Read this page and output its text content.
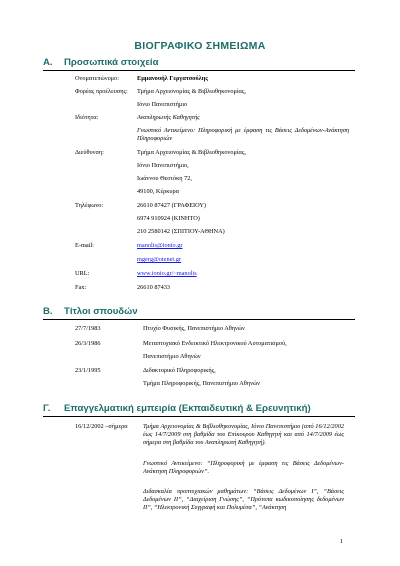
ΒΙΟΓΡΑΦΙΚΟ ΣΗΜΕΙΩΜΑ
A. Προσωπικά στοιχεία
Ονοματεπώνυμο:	Εμμανουήλ Γεργατσούλης
Φορέας προέλευσης: Τμήμα Αρχειονομίας & Βιβλιοθηκονομίας,
Ιόνιο Πανεπιστήμιο
Ιδιότητα:	Αναπληρωτής Καθηγητής
Γνωστικό Αντικείμενο: Πληροφορική με έμφαση τις Βάσεις Δεδομένων-Ανάκτηση Πληροφοριών
Διεύθυνση:	Τμήμα Αρχειονομίας & Βιβλιοθηκονομίας,
Ιόνιο Πανεπιστήμιο,
Ιωάννου Θεοτόκη 72,
49100, Κέρκυρα
Τηλέφωνο:	26610 87427 (ΓΡΑΦΕΙΟΥ)
6974 910924 (ΚΙΝΗΤΟ)
210 2580142 (ΣΠΙΤΙΟΥ-ΑΘΗΝΑ)
E-mail:	manolis@ionio.gr
mgerg@otenet.gr
URL:	www.ionio.gr/~manolis
Fax:	26610 87433
B. Τίτλοι σπουδών
27/7/1983	Πτυχίο Φυσικής, Πανεπιστήμιο Αθηνών
26/3/1986	Μεταπτυχιακό Ενδεικτικό Ηλεκτρονικού Αυτοματισμού,
Πανεπιστήμιο Αθηνών
23/1/1995	Διδακτορικό Πληροφορικής,
Τμήμα Πληροφορικής, Πανεπιστήμιο Αθηνών
Γ. Επαγγελματική εμπειρία (Εκπαιδευτική & Ερευνητική)
16/12/2002 –σήμερα Τμήμα Αρχειονομίας & Βιβλιοθηκονομίας, Ιόνιο Πανεπιστήμιο (από 16/12/2002 έως 14/7/2009 στη βαθμίδα του Επίκουρου Καθηγητή και από 14/7/2009 έως σήμερα στη βαθμίδα του Αναπληρωτή Καθηγητή).
Γνωστικό Αντικείμενο: “Πληροφορική με έμφαση τις Βάσεις Δεδομένων-Ανάκτηση Πληροφοριών”.
Διδασκαλία προπτυχιακών μαθημάτων: “Βάσεις Δεδομένων Ι”, “Βάσεις Δεδομένων ΙΙ”, “Διαχείριση Γνώσης”, “Πρότυπα κωδικοποίησης δεδομένων ΙΙ”, “Ηλεκτρονική Συγγραφή και Πολυμέσα”, “Ανάκτηση
1
